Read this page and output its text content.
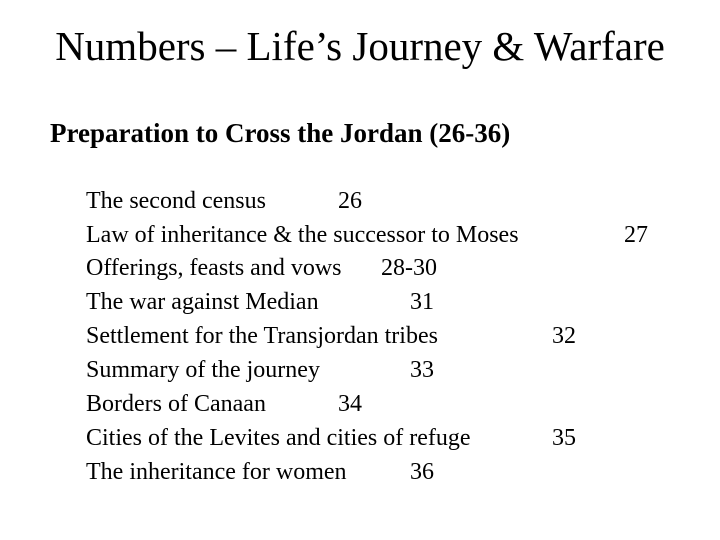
Numbers – Life’s Journey & Warfare
Preparation to Cross the Jordan (26-36)
The second census	26
Law of inheritance & the successor to Moses	27
Offerings, feasts and vows 28-30
The war against Median	31
Settlement for the Transjordan tribes	32
Summary of the journey	33
Borders of Canaan	34
Cities of the Levites and cities of refuge	35
The inheritance for women	36
